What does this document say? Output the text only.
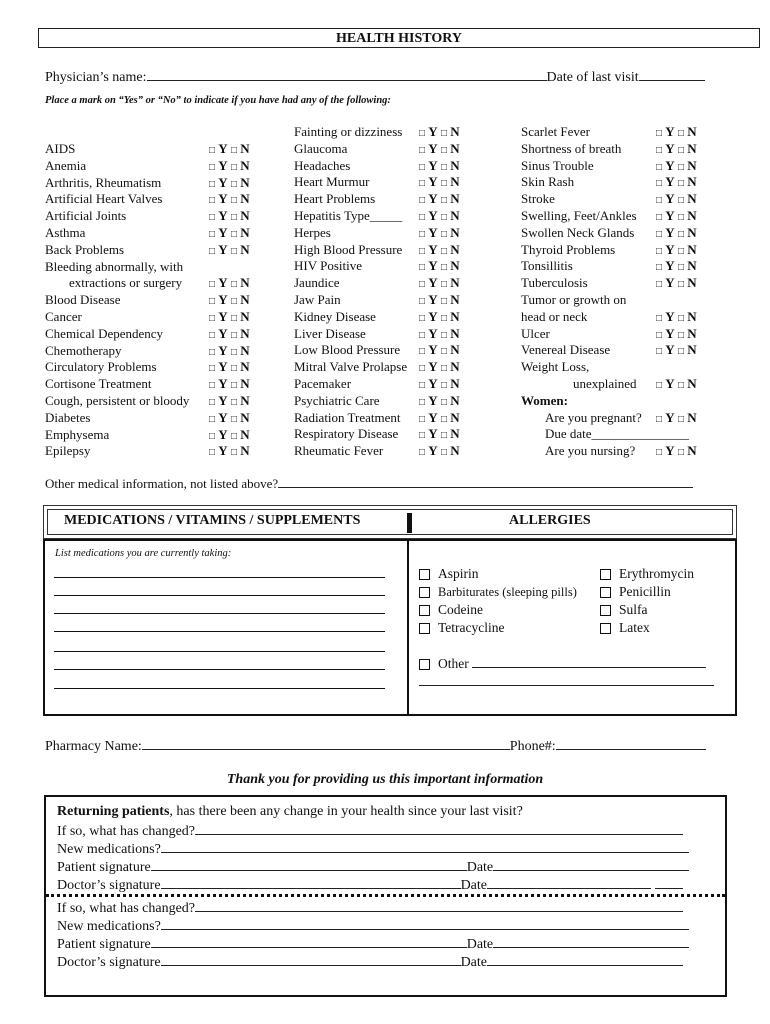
HEALTH HISTORY
Physician’s name:	Date of last visit
Place a mark on “Yes” or “No” to indicate if you have had any of the following:
AIDS	□ Y □ N
Anemia	□ Y □ N
Arthritis, Rheumatism	□ Y □ N
Artificial Heart Valves	□ Y □ N
Artificial Joints	□ Y □ N
Asthma	□ Y □ N
Back Problems	□ Y □ N
Bleeding abnormally, with
extractions or surgery	□ Y □ N
Blood Disease	□ Y □ N
Cancer	□ Y □ N
Chemical Dependency	□ Y □ N
Chemotherapy	□ Y □ N
Circulatory Problems	□ Y □ N
Cortisone Treatment	□ Y □ N
Cough, persistent or bloody □ Y □ N
Diabetes	□ Y □ N
Emphysema	□ Y □ N
Epilepsy	□ Y □ N
Fainting or dizziness □ Y □ N
Glaucoma	□ Y □ N
Headaches	□ Y □ N
Heart Murmur	□ Y □ N
Heart Problems	□ Y □ N
Hepatitis Type_____ □ Y □ N
Herpes	□ Y □ N
High Blood Pressure □ Y □ N
HIV Positive	□ Y □ N
Jaundice	□ Y □ N
Jaw Pain	□ Y □ N
Kidney Disease	□ Y □ N
Liver Disease	□ Y □ N
Low Blood Pressure □ Y □ N
Mitral Valve Prolapse □ Y □ N
Pacemaker	□ Y □ N
Psychiatric Care	□ Y □ N
Radiation Treatment □ Y □ N
Respiratory Disease □ Y □ N
Rheumatic Fever	□ Y □ N
Scarlet Fever	□ Y □ N
Shortness of breath	□ Y □ N
Sinus Trouble	□ Y □ N
Skin Rash	□ Y □ N
Stroke	□ Y □ N
Swelling, Feet/Ankles □ Y □ N
Swollen Neck Glands □ Y □ N
Thyroid Problems	□ Y □ N
Tonsillitis	□ Y □ N
Tuberculosis	□ Y □ N
Tumor or growth on
head or neck	□ Y □ N
Ulcer	□ Y □ N
Venereal Disease	□ Y □ N
Weight Loss,
unexplained □ Y □ N
Women:
Are you pregnant? □ Y □ N
Due date_______________
Are you nursing? □ Y □ N
Other medical information, not listed above?
MEDICATIONS / VITAMINS / SUPPLEMENTS	ALLERGIES
List medications you are currently taking:
Aspirin
Barbiturates (sleeping pills)
Codeine
Tetracycline
Erythromycin
Penicillin
Sulfa
Latex
Other
Pharmacy Name:	Phone#:
Thank you for providing us this important information
Returning patients, has there been any change in your health since your last visit?
If so, what has changed?
New medications?
Patient signature	Date
Doctor’s signature	Date
If so, what has changed?
New medications?
Patient signature	Date
Doctor’s signature	Date
